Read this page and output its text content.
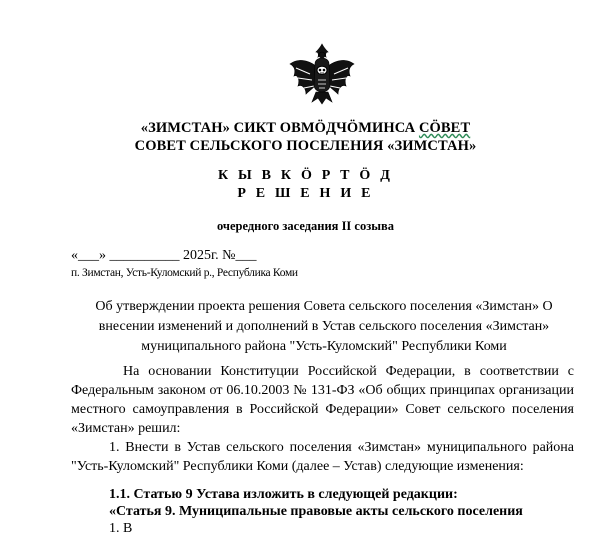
«ЗИМСТАН» СИКТ ОВМÖДЧÖМИНСА СÖВЕТ
СОВЕТ СЕЛЬСКОГО ПОСЕЛЕНИЯ «ЗИМСТАН»
К Ы В К Ö Р Т Ö Д
Р Е Ш Е Н И Е
очередного заседания II созыва
«___» __________ 2025г. №___
п. Зимстан, Усть-Куломский р., Республика Коми
Об утверждении проекта решения Совета сельского поселения «Зимстан» О
внесении изменений и дополнений в Устав сельского поселения «Зимстан»
муниципального района "Усть-Куломский" Республики Коми
На основании Конституции Российской Федерации, в соответствии с Федеральным законом от 06.10.2003 № 131-ФЗ «Об общих принципах организации местного самоуправления в Российской Федерации» Совет сельского поселения «Зимстан» решил:
1. Внести в Устав сельского поселения «Зимстан» муниципального района "Усть-Куломский" Республики Коми (далее – Устав) следующие изменения:
1.1. Статью 9 Устава изложить в следующей редакции:
«Статья 9. Муниципальные правовые акты сельского поселения
1. В
